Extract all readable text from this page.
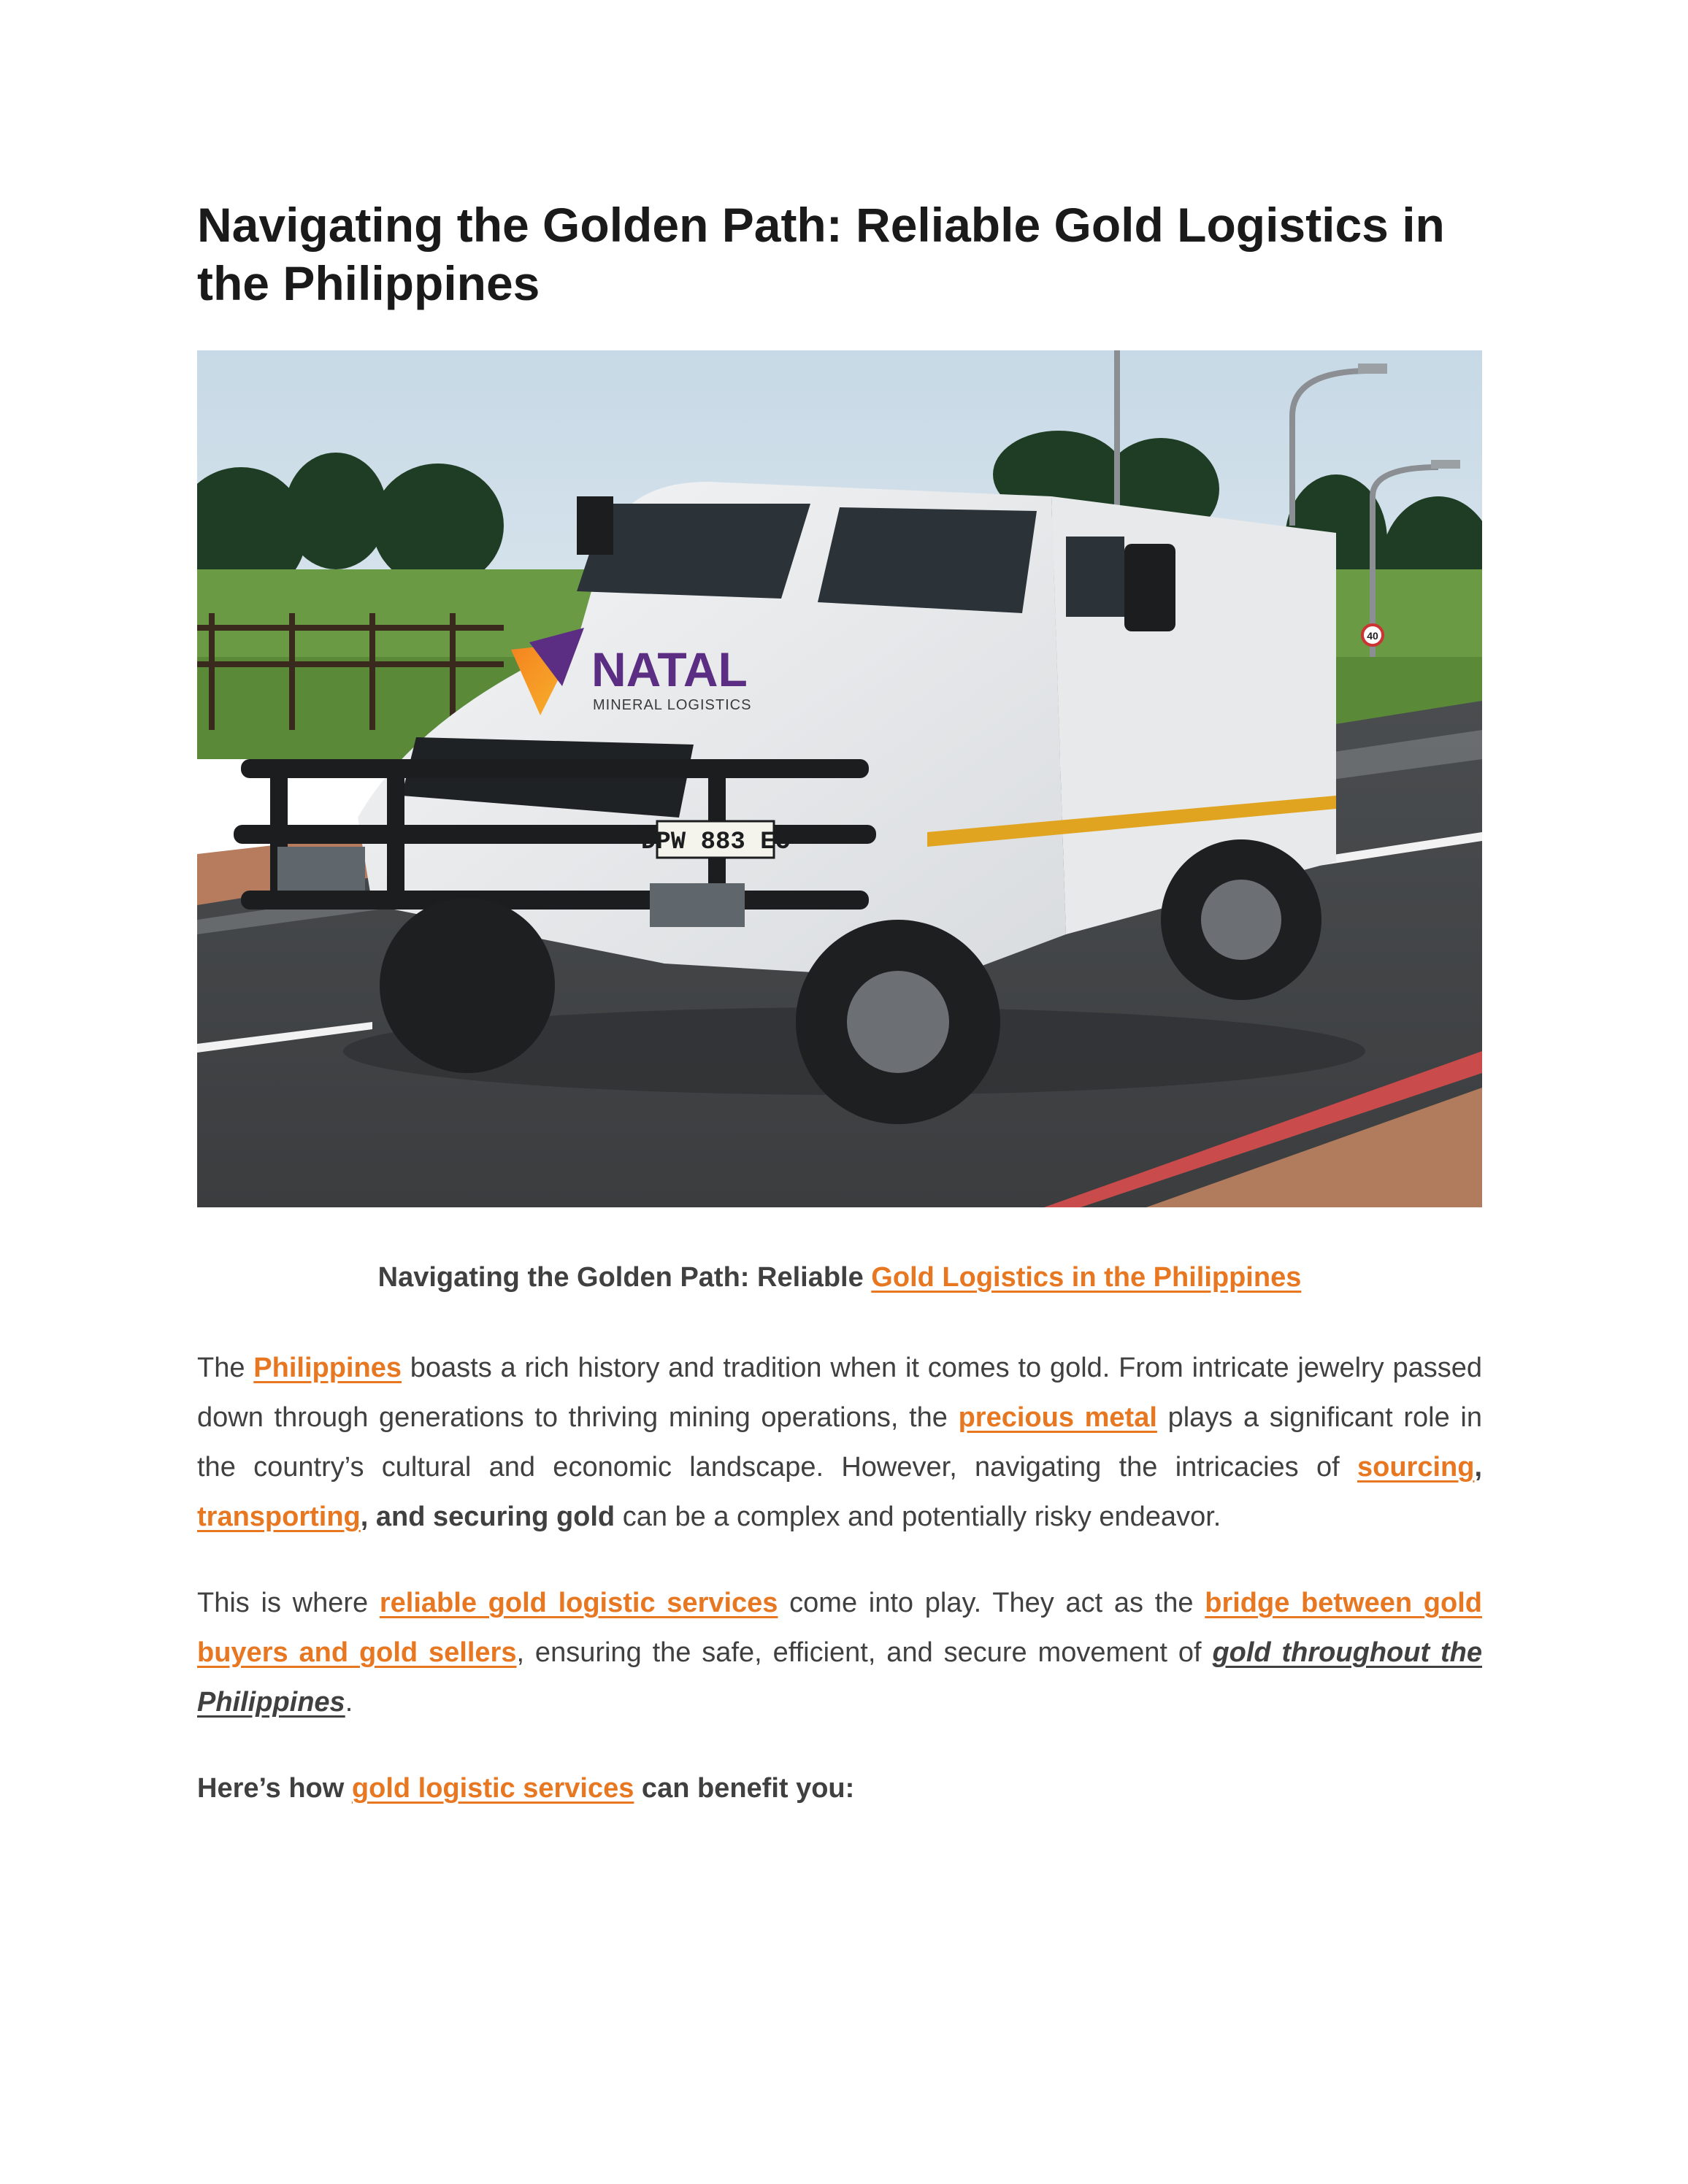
Navigating the Golden Path: Reliable Gold Logistics in the Philippines
40
DPW 883 EC
NATAL
MINERAL LOGISTICS
Navigating the Golden Path: Reliable Gold Logistics in the Philippines

The Philippines boasts a rich history and tradition when it comes to gold. From intricate jewelry passed down through generations to thriving mining operations, the precious metal plays a significant role in the country’s cultural and economic landscape. However, navigating the intricacies of sourcing, transporting, and securing gold can be a complex and potentially risky endeavor.

This is where reliable gold logistic services come into play. They act as the bridge between gold buyers and gold sellers, ensuring the safe, efficient, and secure movement of gold throughout the Philippines.

Here’s how gold logistic services can benefit you:
